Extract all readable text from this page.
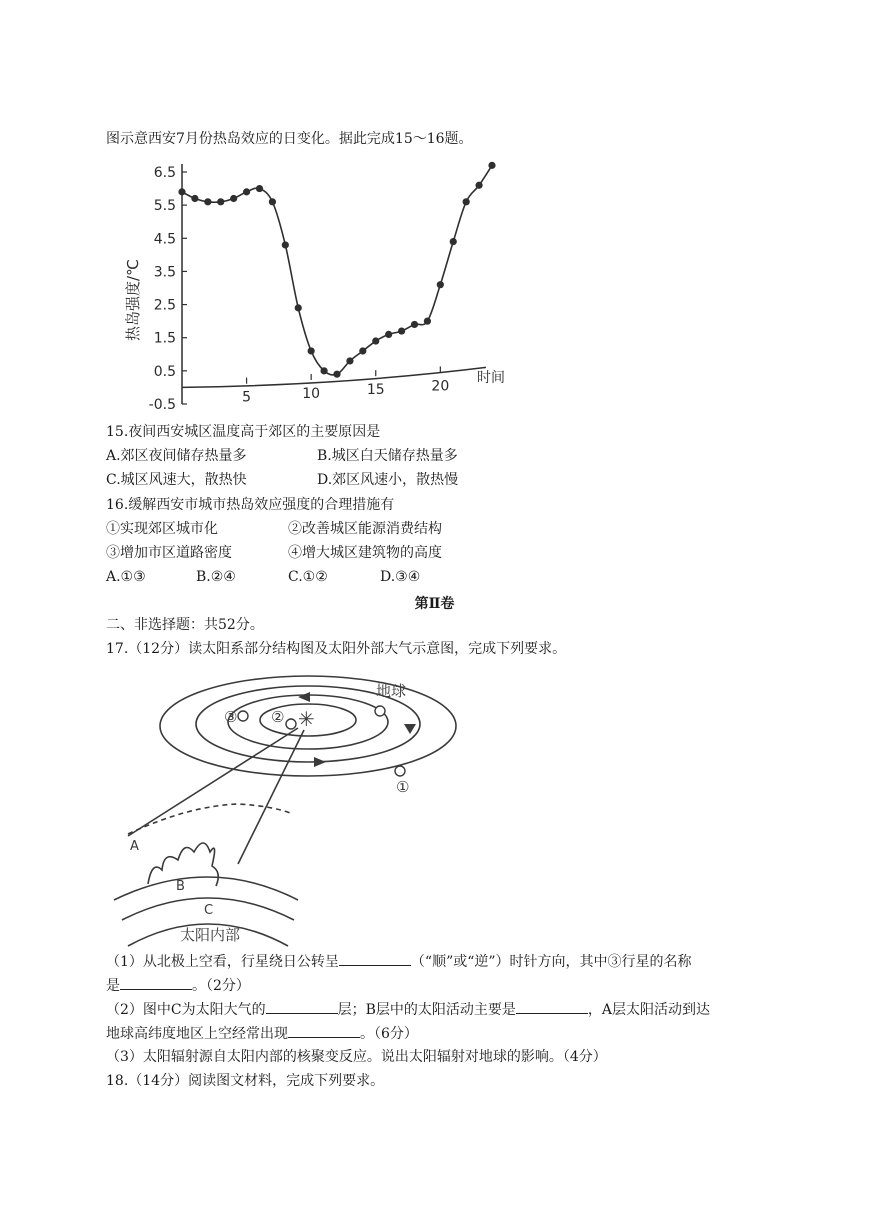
图示意西安7月份热岛效应的日变化。据此完成15～16题。
6.5
5.5
4.5
3.5
2.5
1.5
0.5
-0.5	5	10	15	20
热岛强度/℃
时间
15.夜间西安城区温度高于郊区的主要原因是
A.郊区夜间储存热量多	B.城区白天储存热量多
C.城区风速大，散热快	D.郊区风速小，散热慢
16.缓解西安市城市热岛效应强度的合理措施有
①实现郊区城市化	②改善城区能源消费结构
③增加市区道路密度	④增大城区建筑物的高度
A.①③	B.②④	C.①②	D.③④
第Ⅱ卷
二、非选择题：共52分。
17.（12分）读太阳系部分结构图及太阳外部大气示意图，完成下列要求。
✳
地球
①
②
③
A
B
C
太阳内部
（1）从北极上空看，行星绕日公转呈	（“顺”或“逆”）时针方向，其中③行星的名称
是	。（2分）
（2）图中C为太阳大气的	层；B层中的太阳活动主要是	，A层太阳活动到达
地球高纬度地区上空经常出现	。（6分）
（3）太阳辐射源自太阳内部的核聚变反应。说出太阳辐射对地球的影响。（4分）
18.（14分）阅读图文材料，完成下列要求。
